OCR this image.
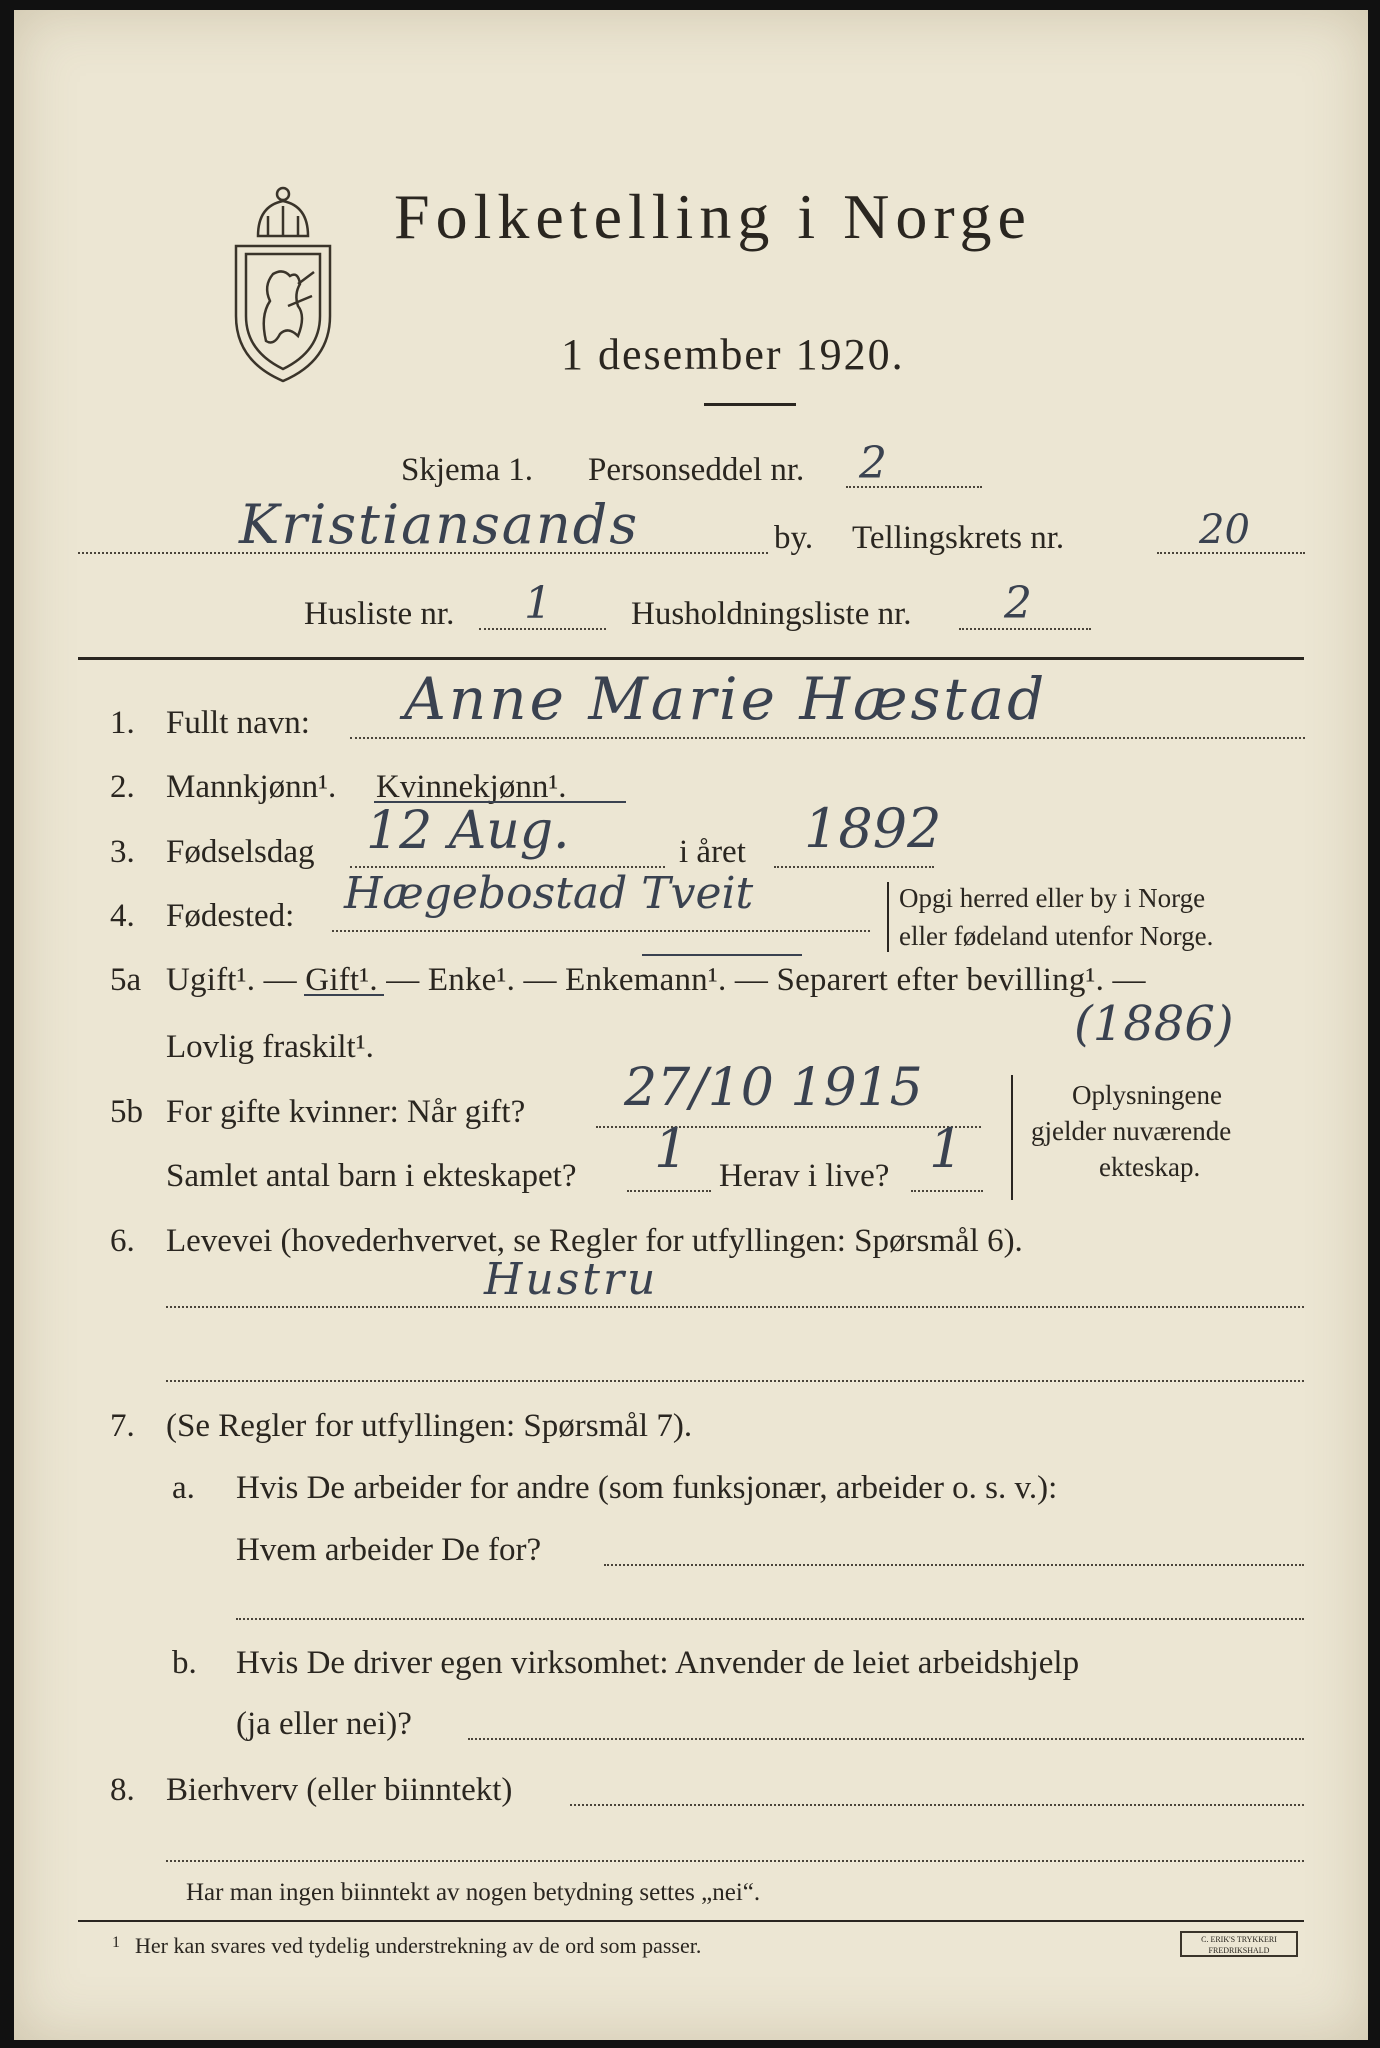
Folketelling i Norge
1 desember 1920.
Skjema 1. Personseddel nr. 2
Kristiansands	by. Tellingskrets nr.	20
Husliste nr. 1 Husholdningsliste nr. 2
1. Fullt navn: Anne Marie Hæstad
2. Mannkjønn¹. Kvinnekjønn¹.
3. Fødselsdag 12 Aug.	i året 1892
4. Fødested: Hægebostad Tveit	Opgi herred eller by i Norge
eller fødeland utenfor Norge.
5a Ugift¹. — Gift¹. — Enke¹. — Enkemann¹. — Separert efter bevilling¹. —
Lovlig fraskilt¹.	(1886)
5b For gifte kvinner: Når gift? 27/10 1915
Samlet antal barn i ekteskapet? 1 Herav i live? 1
Oplysningene
gjelder nuværende
ekteskap.
6. Levevei (hovederhvervet, se Regler for utfyllingen: Spørsmål 6).
Hustru
7. (Se Regler for utfyllingen: Spørsmål 7).
a. Hvis De arbeider for andre (som funksjonær, arbeider o. s. v.):
Hvem arbeider De for?
b. Hvis De driver egen virksomhet: Anvender de leiet arbeidshjelp
(ja eller nei)?
8. Bierhverv (eller biinntekt)
Har man ingen biinntekt av nogen betydning settes „nei“.
1 Her kan svares ved tydelig understrekning av de ord som passer.	C. ERIK'S TRYKKERI FREDRIKSHALD
